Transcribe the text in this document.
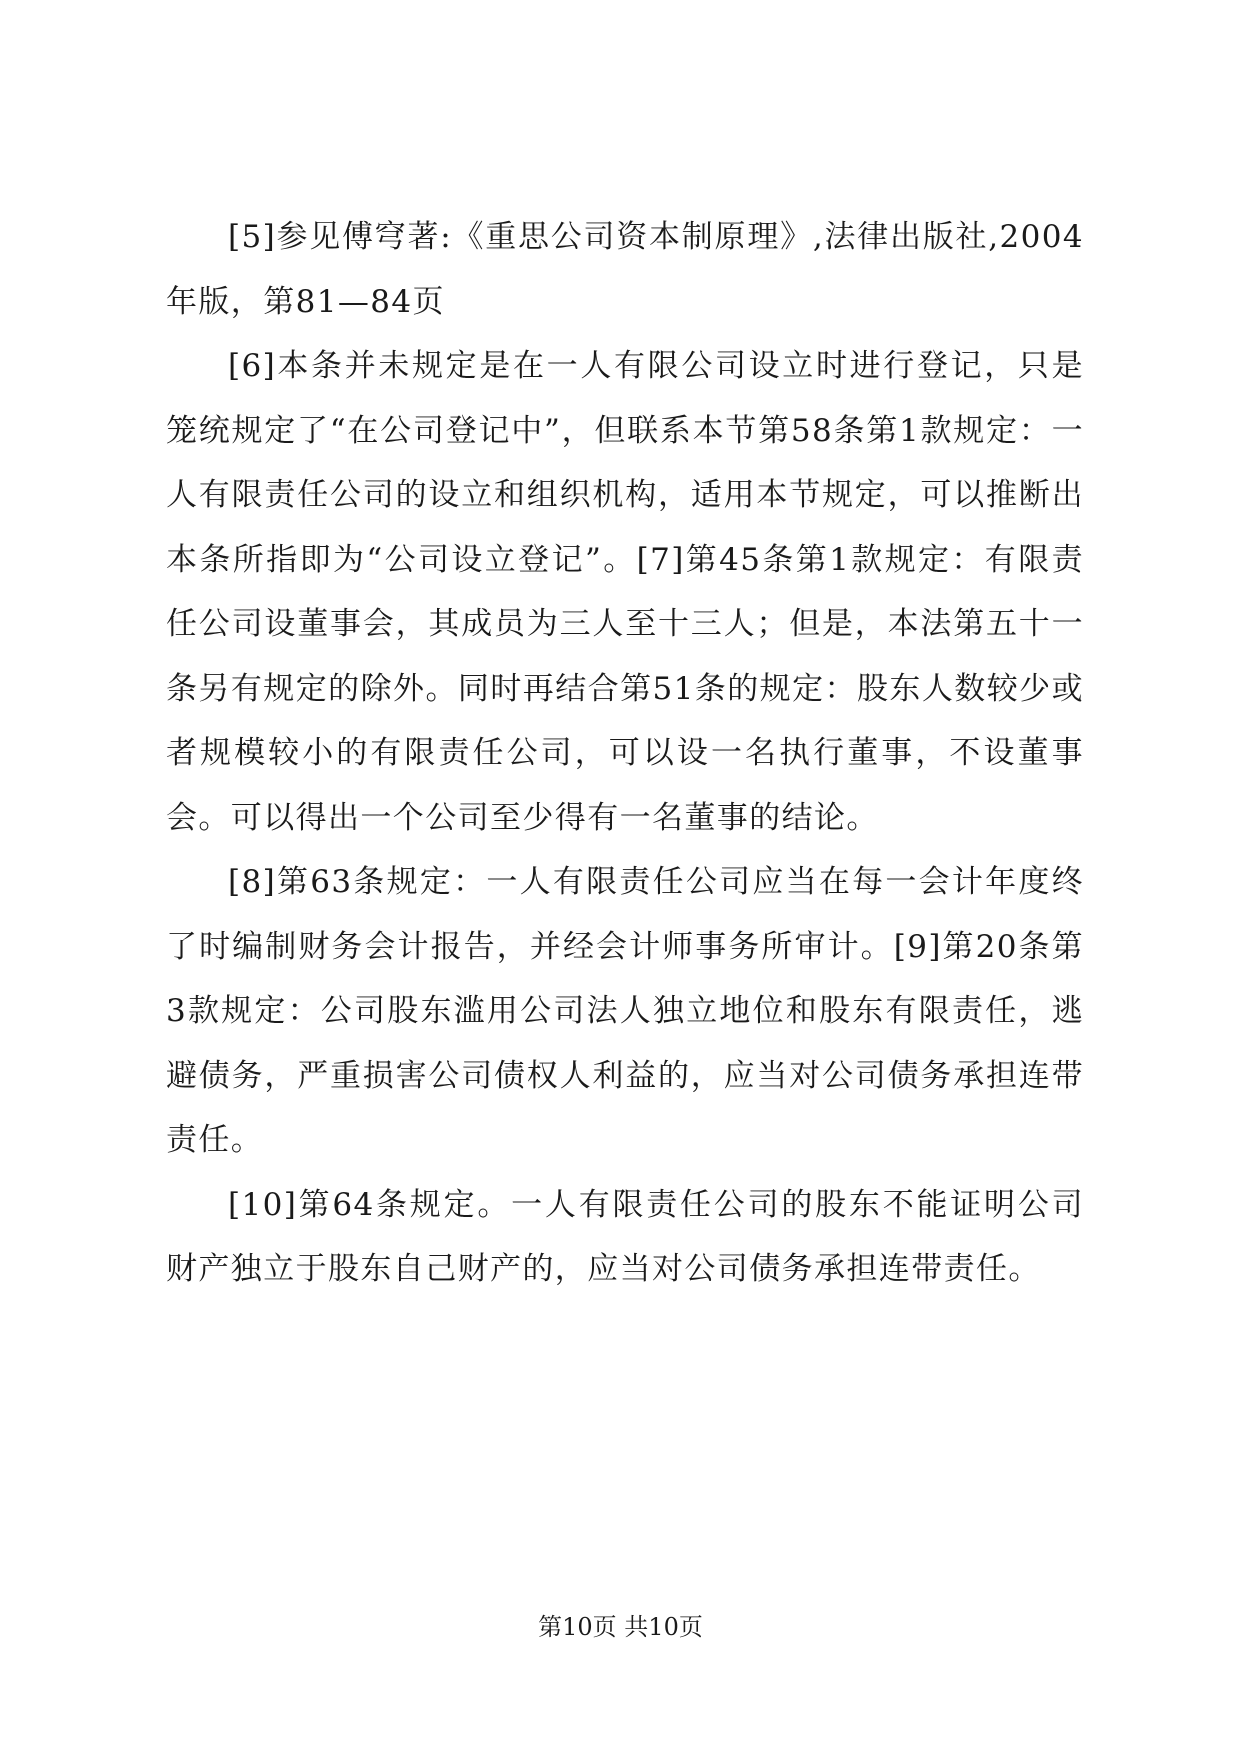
[5]参见傅穹著:《重思公司资本制原理》,法律出版社,2004年版，第81—84页

[6]本条并未规定是在一人有限公司设立时进行登记，只是笼统规定了“在公司登记中”，但联系本节第58条第1款规定：一人有限责任公司的设立和组织机构，适用本节规定，可以推断出本条所指即为“公司设立登记”。[7]第45条第1款规定：有限责任公司设董事会，其成员为三人至十三人；但是，本法第五十一条另有规定的除外。同时再结合第51条的规定：股东人数较少或者规模较小的有限责任公司，可以设一名执行董事，不设董事会。可以得出一个公司至少得有一名董事的结论。

[8]第63条规定：一人有限责任公司应当在每一会计年度终了时编制财务会计报告，并经会计师事务所审计。[9]第20条第3款规定：公司股东滥用公司法人独立地位和股东有限责任，逃避债务，严重损害公司债权人利益的，应当对公司债务承担连带责任。

[10]第64条规定。一人有限责任公司的股东不能证明公司财产独立于股东自己财产的，应当对公司债务承担连带责任。

第10页 共10页
